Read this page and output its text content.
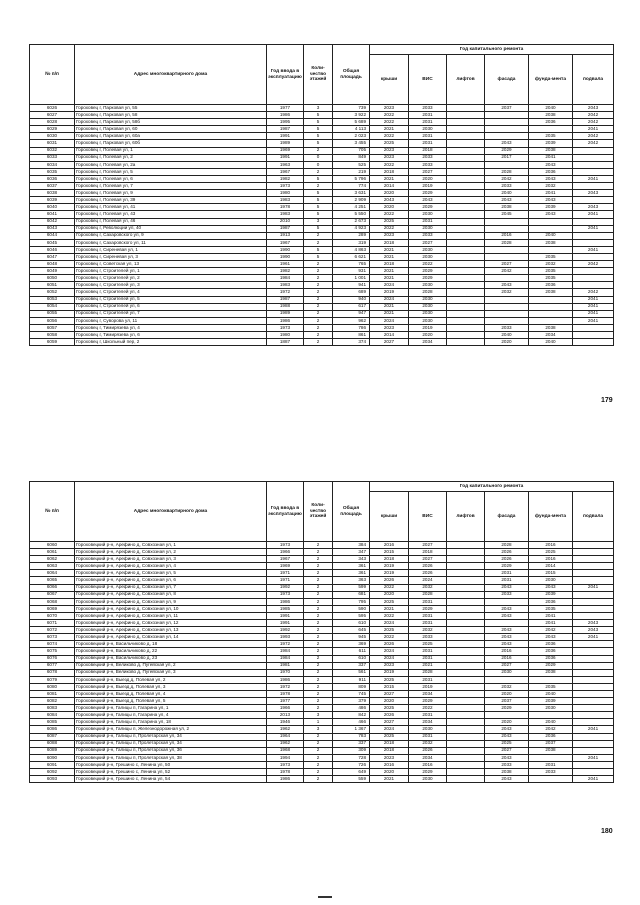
№ п/п	Адрес многоквартирного дома	Год ввода в эксплуатацию	Коли-чество этажей	Общая площадь	Год капитального ремонта					
					крыши	ВИС	лифтов	фасада	фунда-мента	подвала
6026	Гороховец г, Парковая ул, 55	1977	3	739	2023	2033		2037	2040	2043
6027	Гороховец г, Парковая ул, 58	1986	5	3 922	2022	2031			2038	2042
6028	Гороховец г, Парковая ул, 58б	1995	5	5 689	2022	2031			2036	2042
6029	Гороховец г, Парковая ул, 60	1987	5	4 113	2021	2030				2041
6030	Гороховец г, Парковая ул, 60а	1991	5	2 023	2022	2031			2035	2042
6031	Гороховец г, Парковая ул, 60б	1989	5	3 455	2025	2031		2043	2039	2042
6032	Гороховец г, Полевая ул, 1	1969	2	705	2023	2018		2029	2038	
6033	Гороховец г, Полевая ул, 2	1991	0	849	2023	2033		2017	2041	
6034	Гороховец г, Полевая ул, 2а	1963	0	525	2022	2033			2043	
6035	Гороховец г, Полевая ул, 5	1967	2	219	2018	2027		2028	2036	
6036	Гороховец г, Полевая ул, 6	1982	5	5 796	2021	2020		2042	2043	2041
6037	Гороховец г, Полевая ул, 7	1973	2	774	2014	2019		2033	2032	
6038	Гороховец г, Полевая ул, 9	1980	5	3 631	2020	2029		2040	2041	2043
6039	Гороховец г, Полевая ул, 39	1983	5	2 909	2043	2043		2043	2043	
6040	Гороховец г, Полевая ул, 41	1978	5	4 251	2020	2029		2038	2039	2043
6041	Гороховец г, Полевая ул, 43	1983	5	5 550	2022	2030		2045	2043	2041
6042	Гороховец г, Полевая ул, 46	2010	3	2 673	2025	2031				
6043	Гороховец г, Революции ул, 40	1987	5	4 923	2022	2030				2041
6044	Гороховец г, Сахаровского ул, 9	1913	2	289	2023	2033		2016	2040	
6045	Гороховец г, Сахаровского ул, 11	1967	2	319	2018	2027		2028	2038	
6046	Гороховец г, Сиреневая ул, 1	1990	5	4 863	2021	2030				2041
6047	Гороховец г, Сиреневая ул, 3	1990	5	6 621	2021	2030			2035	
6048	Гороховец г, Советская ул, 13	1961	2	765	2018	2022		2027	2032	2042
6049	Гороховец г, Строителей ул, 1	1982	2	931	2021	2029		2042	2035	
6050	Гороховец г, Строителей ул, 2	1984	2	1 001	2021	2029			2035	
6051	Гороховец г, Строителей ул, 3	1983	2	941	2024	2030		2043	2036	
6052	Гороховец г, Строителей ул, 4	1972	2	689	2019	2028		2032	2038	2042
6053	Гороховец г, Строителей ул, 5	1987	2	940	2024	2030				2041
6054	Гороховец г, Строителей ул, 6	1988	2	617	2021	2030				2041
6055	Гороховец г, Строителей ул, 7	1989	2	947	2021	2030				2041
6056	Гороховец г, Суворова ул, 11	1986	2	962	2024	2030				2041
6057	Гороховец г, Тимирязева ул, 4	1973	2	786	2023	2019		2033	2038	
6058	Гороховец г, Тимирязева ул, 6	1980	2	861	2014	2020		2040	2034	
6059	Гороховец г, Школьный пер, 2	1887	2	374	2027	2034		2020	2040	
179
№ п/п	Адрес многоквартирного дома	Год ввода в эксплуатацию	Коли-чество этажей	Общая площадь	Год капитального ремонта					
					крыши	ВИС	лифтов	фасада	фунда-мента	подвала
6060	Гороховецкий р-н, Арефино д, Совхозная ул, 1	1973	2	384	2016	2027		2028	2016	
6061	Гороховецкий р-н, Арефино д, Совхозная ул, 2	1966	2	347	2015	2018		2026	2025	
6062	Гороховецкий р-н, Арефино д, Совхозная ул, 3	1967	2	343	2018	2027		2026	2016	
6063	Гороховецкий р-н, Арефино д, Совхозная ул, 4	1969	2	361	2019	2026		2029	2014	
6064	Гороховецкий р-н, Арефино д, Совхозная ул, 5	1971	2	361	2019	2026		2031	2015	
6065	Гороховецкий р-н, Арефино д, Совхозная ул, 6	1971	2	363	2026	2024		2031	2030	
6066	Гороховецкий р-н, Арефино д, Совхозная ул, 7	1992	2	599	2022	2032		2043	2043	2041
6067	Гороховецкий р-н, Арефино д, Совхозная ул, 8	1973	2	681	2020	2028		2033	2039	
6068	Гороховецкий р-н, Арефино д, Совхозная ул, 9	1986	2	795	2025	2031			2036	
6069	Гороховецкий р-н, Арефино д, Совхозная ул, 10	1985	2	590	2021	2029		2043	2035	
6070	Гороховецкий р-н, Арефино д, Совхозная ул, 11	1991	2	595	2022	2031		2043	2041	
6071	Гороховецкий р-н, Арефино д, Совхозная ул, 12	1991	2	610	2024	2031			2041	2043
6072	Гороховецкий р-н, Арефино д, Совхозная ул, 13	1992	2	645	2025	2032		2043	2042	2043
6073	Гороховецкий р-н, Арефино д, Совхозная ул, 14	1993	2	945	2022	2033		2043	2043	2041
6074	Гороховецкий р-н, Васильчиково д, 18	1972	2	369	2026	2025		2043	2036	
6075	Гороховецкий р-н, Васильчиково д, 22	1984	2	611	2024	2031		2016	2036	
6076	Гороховецкий р-н, Васильчиково д, 23	1984	2	610	2024	2031		2016	2036	
6077	Гороховецкий р-н, Великово д, Пугейская ул, 2	1981	2	337	2023	2021		2027	2029	
6078	Гороховецкий р-н, Великово д, Пугейская ул, 3	1970	2	561	2019	2028		2030	2038	
6079	Гороховецкий р-н, Выезд д, Полевая ул, 2	1986	2	911	2025	2031				
6080	Гороховецкий р-н, Выезд д, Полевая ул, 3	1972	2	809	2015	2019		2032	2035	
6081	Гороховецкий р-н, Выезд д, Полевая ул, 4	1978	2	745	2027	2034		2020	2040	
6082	Гороховецкий р-н, Выезд д, Полевая ул, 5	1977	2	379	2020	2029		2037	2039	
6083	Гороховецкий р-н, Галицы п, Гагарина ул, 1	1966	2	486	2025	2022		2029	2030	
6084	Гороховецкий р-н, Галицы п, Гагарина ул, 4	2013	3	842	2026	2031				
6085	Гороховецкий р-н, Галицы п, Гагарина ул, 18	1946	1	466	2027	2034		2020	2040	
6086	Гороховецкий р-н, Галицы п, Железнодорожная ул, 2	1962	3	1 367	2024	2030		2043	2042	2041
6087	Гороховецкий р-н, Галицы п, Пролетарская ул, 34	1964	2	783	2025	2031		2043	2036	
6088	Гороховецкий р-н, Галицы п, Пролетарская ул, 34	1962	2	337	2018	2032		2025	2037	
6089	Гороховецкий р-н, Галицы п, Пролетарская ул, 36	1968	2	309	2018	2026		2027	2038	
6090	Гороховецкий р-н, Галицы п, Пролетарская ул, 38	1994	2	728	2023	2034		2043		2041
6091	Гороховецкий р-н, Грешино с, Ленина ул, 50	1973	2	726	2016	2016		2033	2031	
6092	Гороховецкий р-н, Грешино с, Ленина ул, 52	1978	2	649	2020	2029		2038	2033	
6093	Гороховецкий р-н, Грешино с, Ленина ул, 54	1986	2	559	2021	2030		2043		2041
180
